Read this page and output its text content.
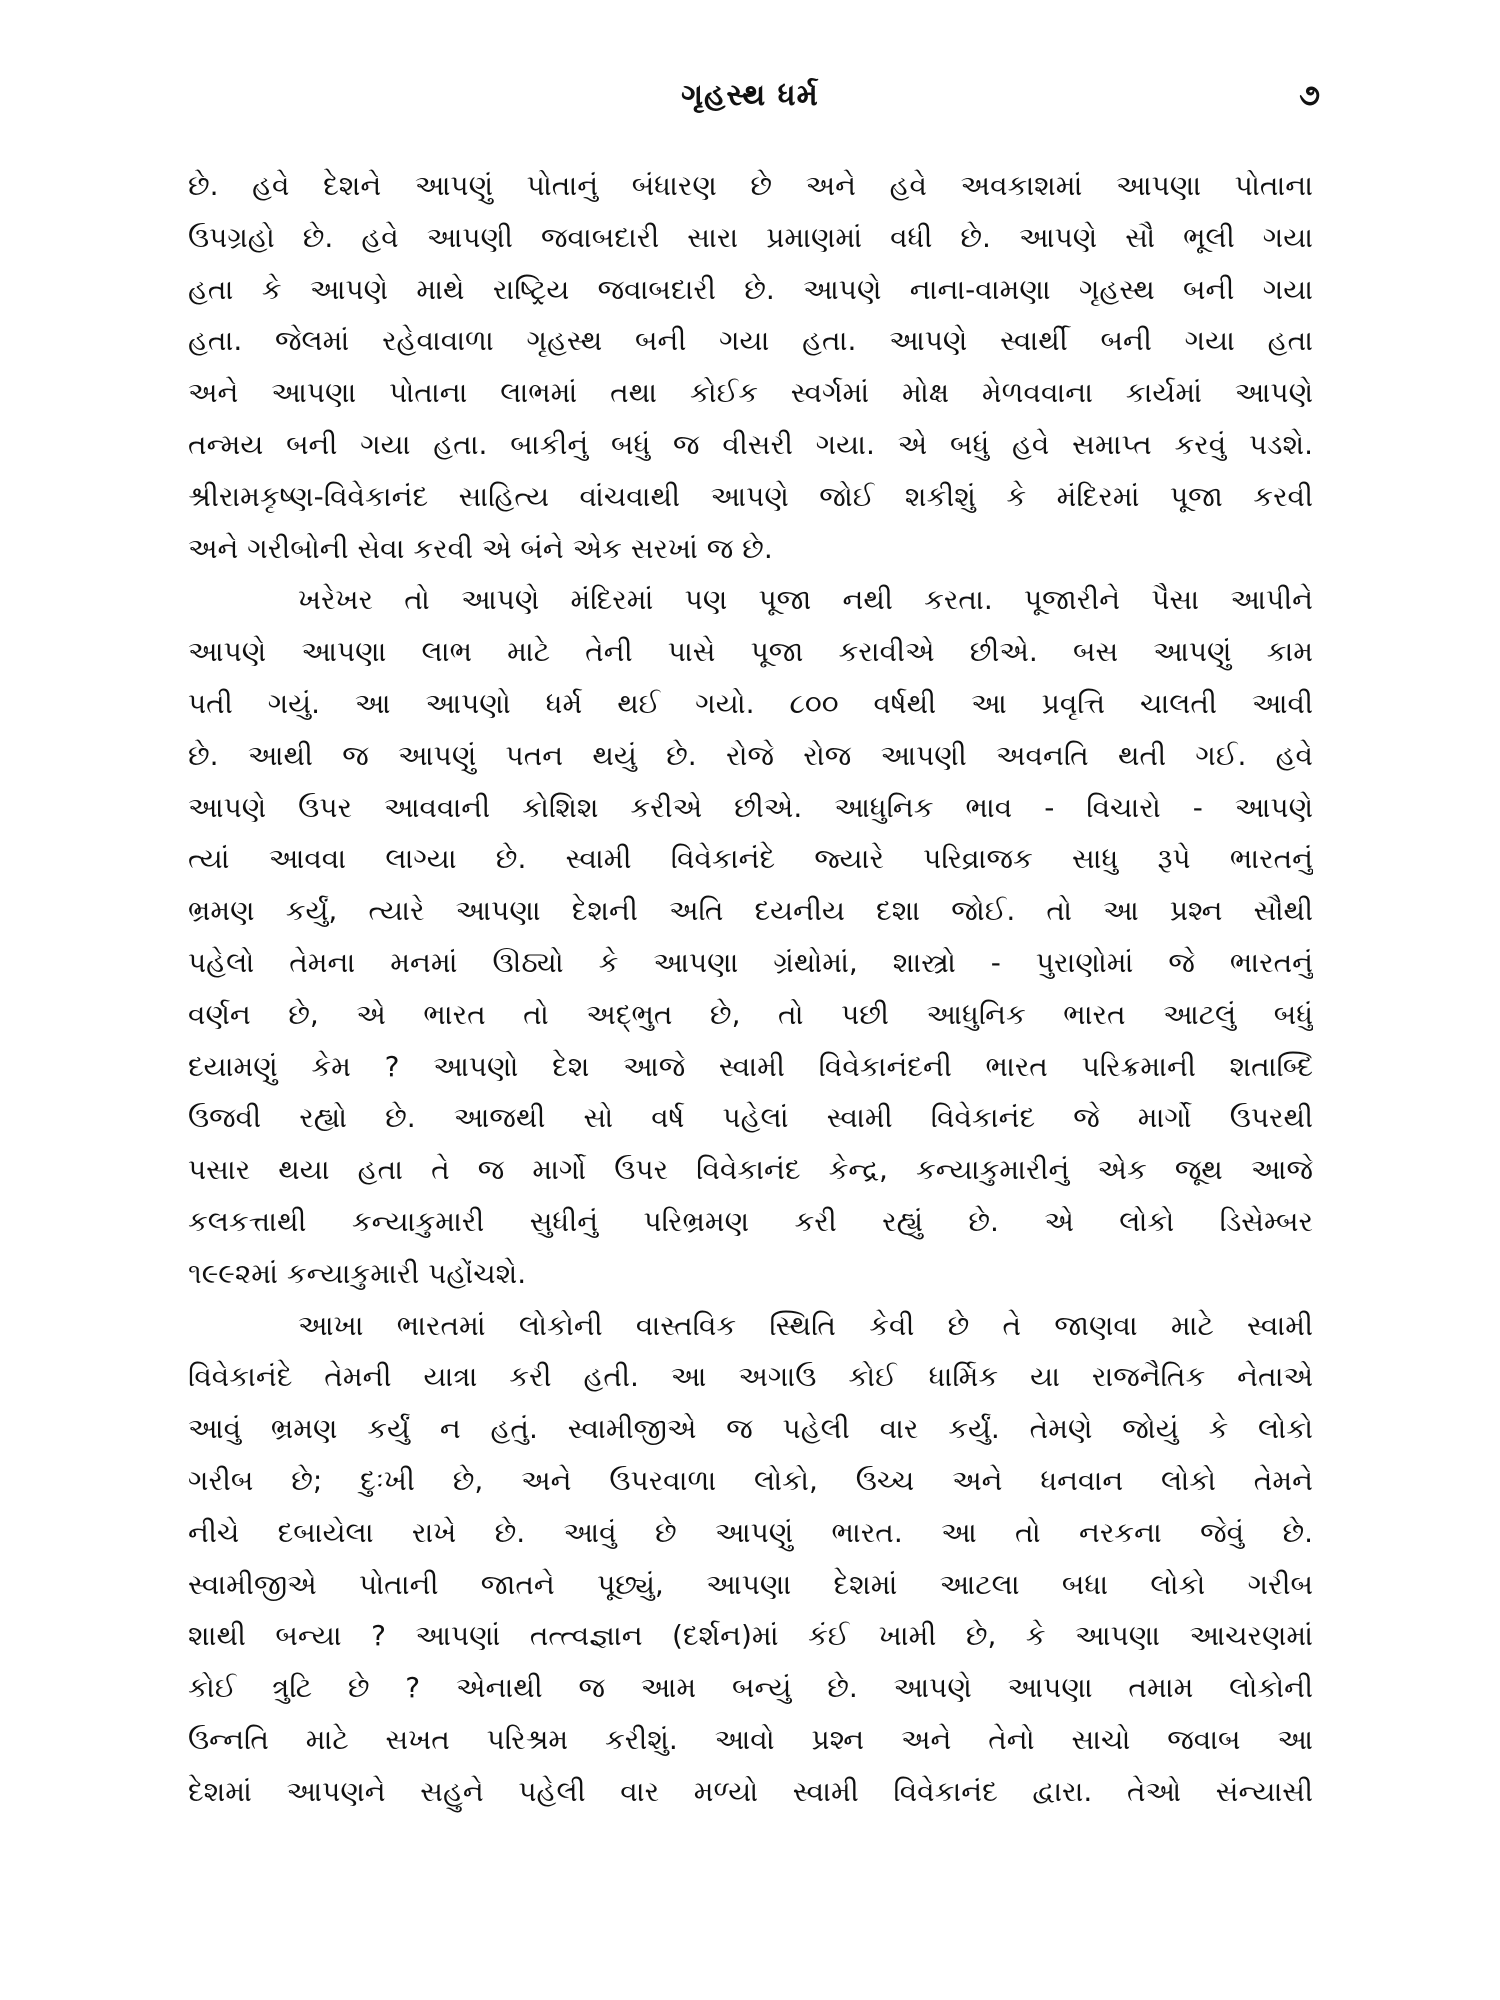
ગૃહસ્થ ધર્મ	૭
છે. હવે દેશને આપણું પોતાનું બંધારણ છે અને હવે અવકાશમાં આપણા પોતાના
ઉપગ્રહો છે. હવે આપણી જવાબદારી સારા પ્રમાણમાં વધી છે. આપણે સૌ ભૂલી ગયા
હતા કે આપણે માથે રાષ્ટ્રિય જવાબદારી છે. આપણે નાના-વામણા ગૃહસ્થ બની ગયા
હતા. જેલમાં રહેવાવાળા ગૃહસ્થ બની ગયા હતા. આપણે સ્વાર્થી બની ગયા હતા
અને આપણા પોતાના લાભમાં તથા કોઈક સ્વર્ગમાં મોક્ષ મેળવવાના કાર્યમાં આપણે
તન્મય બની ગયા હતા. બાકીનું બધું જ વીસરી ગયા. એ બધું હવે સમાપ્ત કરવું પડશે.
શ્રીરામકૃષ્ણ-વિવેકાનંદ સાહિત્ય વાંચવાથી આપણે જોઈ શકીશું કે મંદિરમાં પૂજા કરવી
અને ગરીબોની સેવા કરવી એ બંને એક સરખાં જ છે.
ખરેખર તો આપણે મંદિરમાં પણ પૂજા નથી કરતા. પૂજારીને પૈસા આપીને
આપણે આપણા લાભ માટે તેની પાસે પૂજા કરાવીએ છીએ. બસ આપણું કામ
પતી ગયું. આ આપણો ધર્મ થઈ ગયો. ૮૦૦ વર્ષથી આ પ્રવૃત્તિ ચાલતી આવી
છે. આથી જ આપણું પતન થયું છે. રોજે રોજ આપણી અવનતિ થતી ગઈ. હવે
આપણે ઉપર આવવાની કોશિશ કરીએ છીએ. આધુનિક ભાવ - વિચારો - આપણે
ત્યાં આવવા લાગ્યા છે. સ્વામી વિવેકાનંદે જ્યારે પરિવ્રાજક સાધુ રૂપે ભારતનું
ભ્રમણ કર્યું, ત્યારે આપણા દેશની અતિ દયનીય દશા જોઈ. તો આ પ્રશ્ન સૌથી
પહેલો તેમના મનમાં ઊઠ્યો કે આપણા ગ્રંથોમાં, શાસ્ત્રો - પુરાણોમાં જે ભારતનું
વર્ણન છે, એ ભારત તો અદ્ભુત છે, તો પછી આધુનિક ભારત આટલું બધું
દયામણું કેમ ? આપણો દેશ આજે સ્વામી વિવેકાનંદની ભારત પરિક્રમાની શતાબ્દિ
ઉજવી રહ્યો છે. આજથી સો વર્ષ પહેલાં સ્વામી વિવેકાનંદ જે માર્ગો ઉપરથી
પસાર થયા હતા તે જ માર્ગો ઉપર વિવેકાનંદ કેન્દ્ર, કન્યાકુમારીનું એક જૂથ આજે
કલકત્તાથી કન્યાકુમારી સુધીનું પરિભ્રમણ કરી રહ્યું છે. એ લોકો ડિસેમ્બર
૧૯૯૨માં કન્યાકુમારી પહોંચશે.
આખા ભારતમાં લોકોની વાસ્તવિક સ્થિતિ કેવી છે તે જાણવા માટે સ્વામી
વિવેકાનંદે તેમની યાત્રા કરી હતી. આ અગાઉ કોઈ ધાર્મિક યા રાજનૈતિક નેતાએ
આવું ભ્રમણ કર્યું ન હતું. સ્વામીજીએ જ પહેલી વાર કર્યું. તેમણે જોયું કે લોકો
ગરીબ છે; દુઃખી છે, અને ઉપરવાળા લોકો, ઉચ્ચ અને ધનવાન લોકો તેમને
નીચે દબાયેલા રાખે છે. આવું છે આપણું ભારત. આ તો નરકના જેવું છે.
સ્વામીજીએ પોતાની જાતને પૂછ્યું, આપણા દેશમાં આટલા બધા લોકો ગરીબ
શાથી બન્યા ? આપણાં તત્ત્વજ્ઞાન (દર્શન)માં કંઈ ખામી છે, કે આપણા આચરણમાં
કોઈ ત્રુટિ છે ? એનાથી જ આમ બન્યું છે. આપણે આપણા તમામ લોકોની
ઉન્નતિ માટે સખત પરિશ્રમ કરીશું. આવો પ્રશ્ન અને તેનો સાચો જવાબ આ
દેશમાં આપણને સહુને પહેલી વાર મળ્યો સ્વામી વિવેકાનંદ દ્વારા. તેઓ સંન્યાસી
